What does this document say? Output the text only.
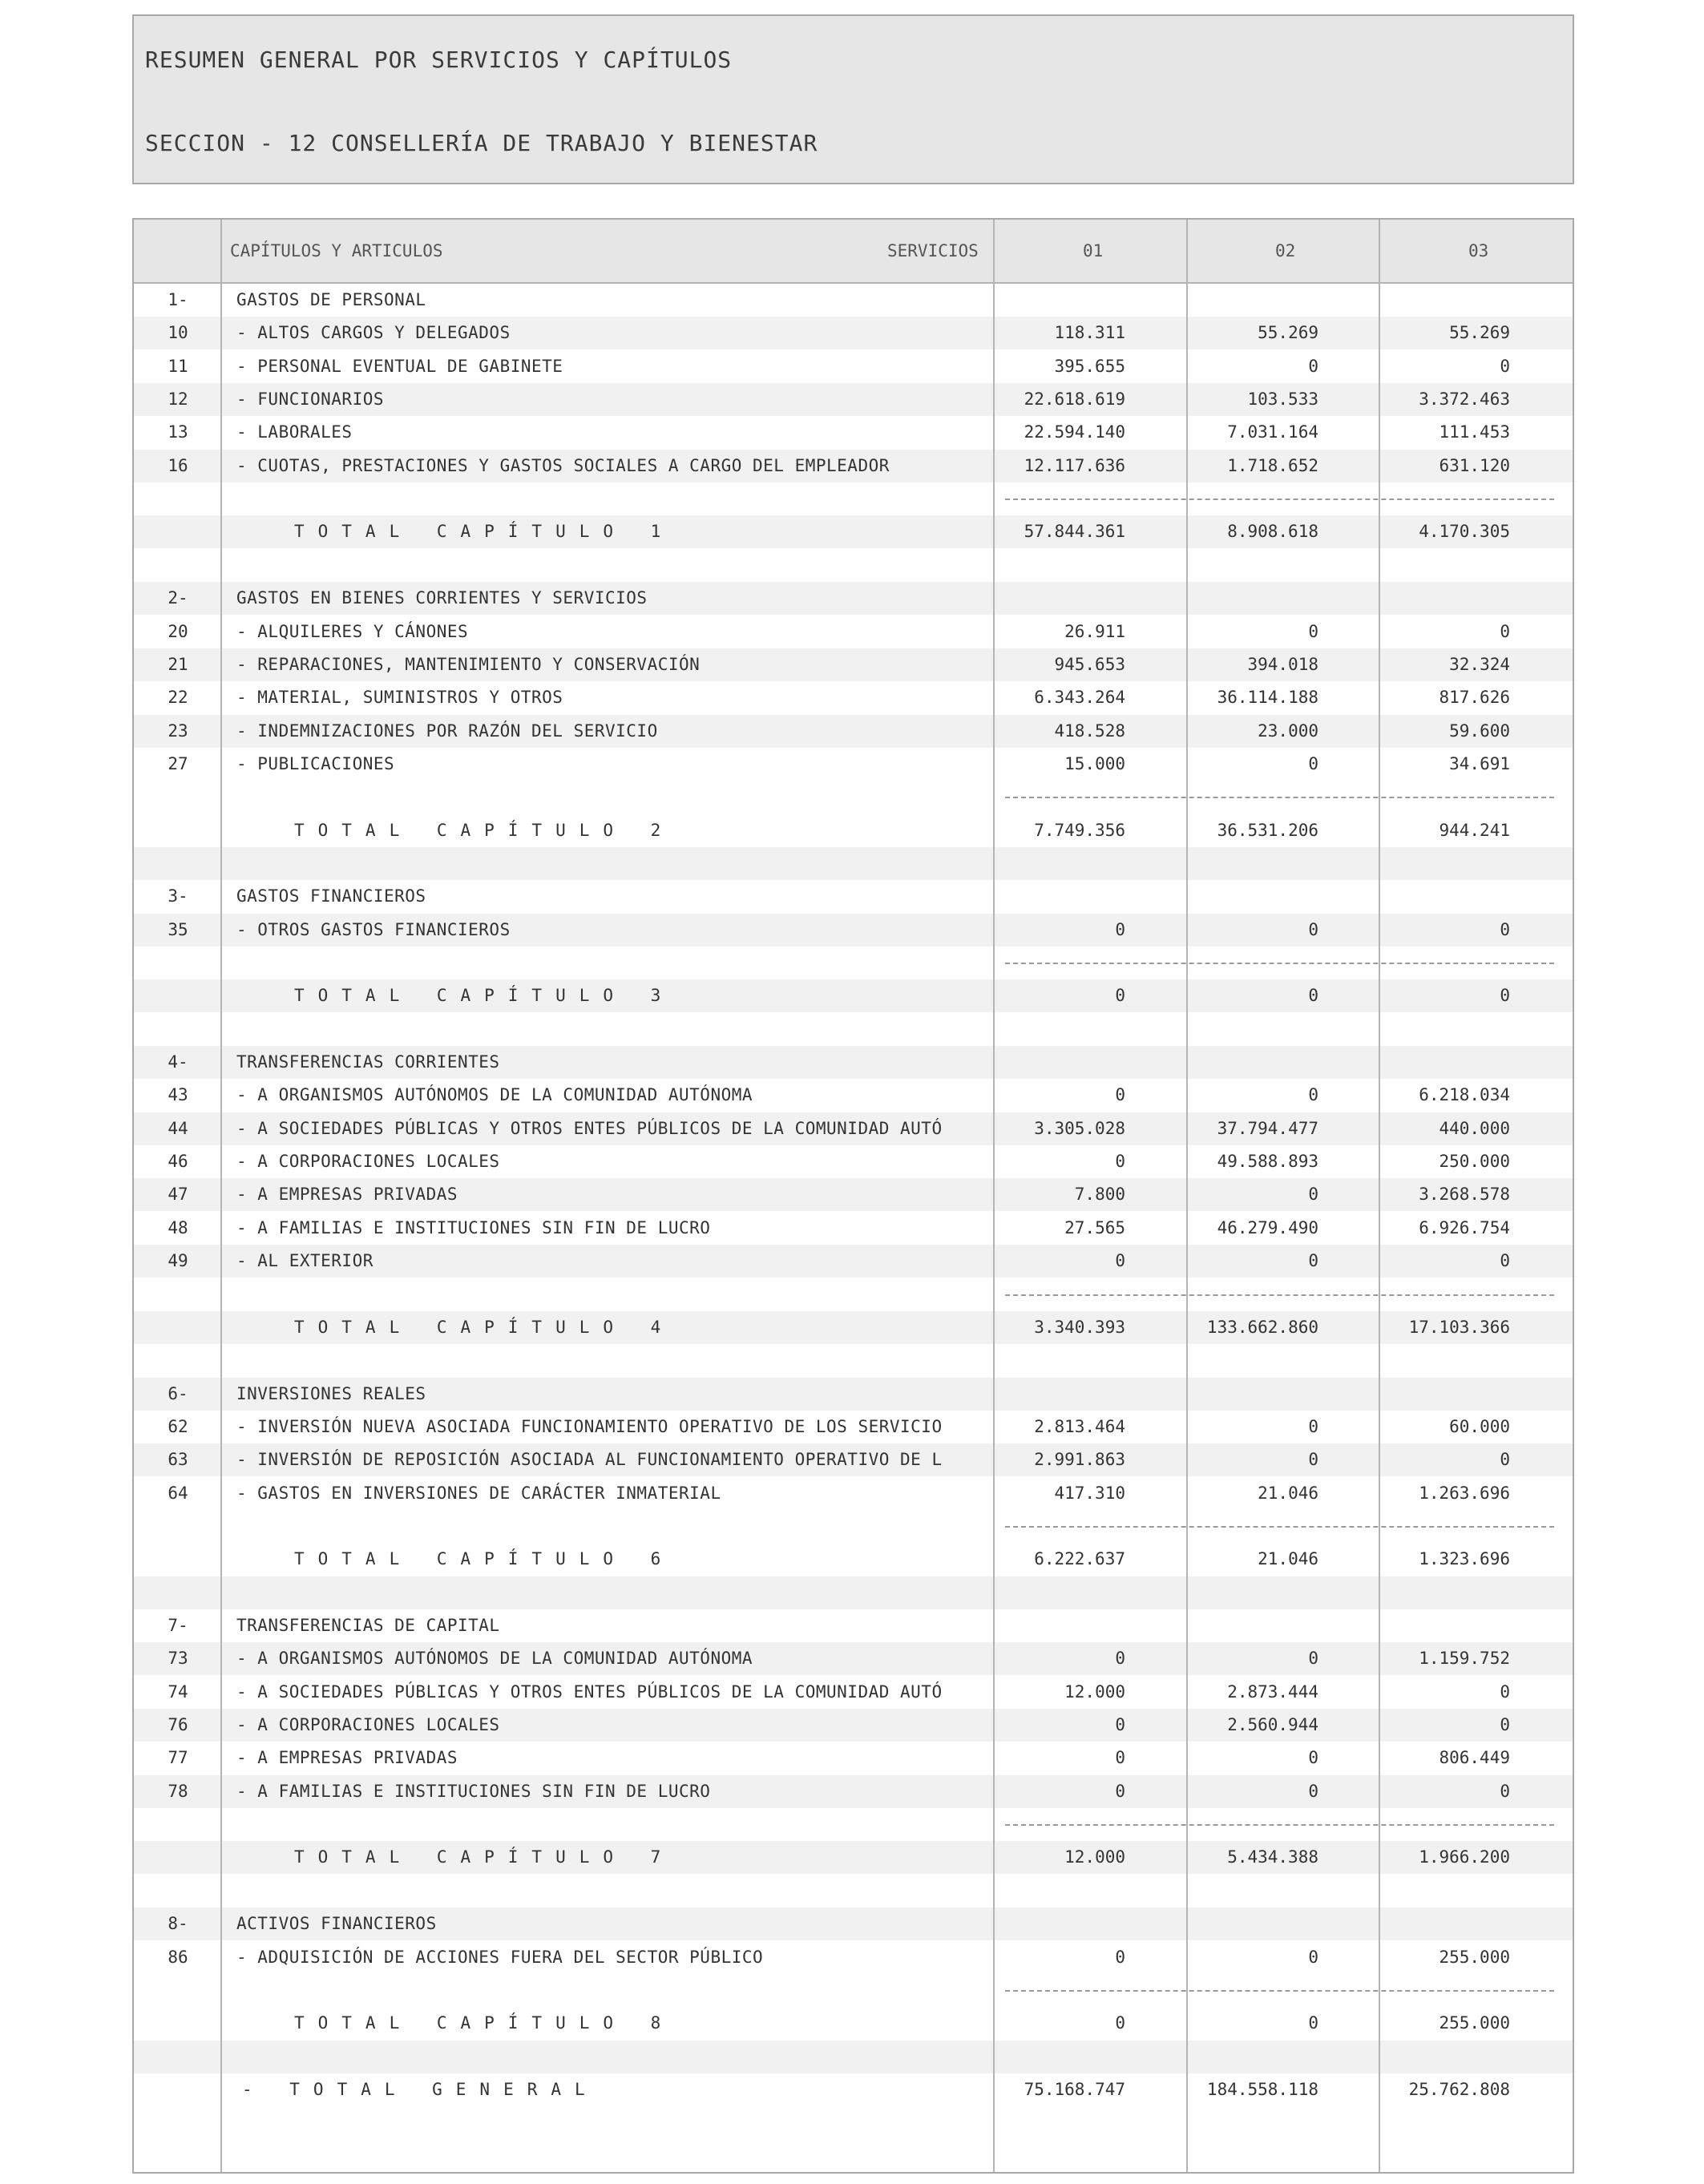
RESUMEN GENERAL POR SERVICIOS Y CAPÍTULOS
SECCION - 12 CONSELLERÍA DE TRABAJO Y BIENESTAR
CAPÍTULOS Y ARTICULOS	SERVICIOS	01	02	03
1-	GASTOS DE PERSONAL
10	- ALTOS CARGOS Y DELEGADOS	118.311	55.269	55.269
11	- PERSONAL EVENTUAL DE GABINETE	395.655	0	0
12	- FUNCIONARIOS	22.618.619	103.533	3.372.463
13	- LABORALES	22.594.140	7.031.164	111.453
16	- CUOTAS, PRESTACIONES Y GASTOS SOCIALES A CARGO DEL EMPLEADOR	12.117.636	1.718.652	631.120
TOTAL CAPÍTULO 1	57.844.361	8.908.618	4.170.305
2-	GASTOS EN BIENES CORRIENTES Y SERVICIOS
20	- ALQUILERES Y CÁNONES	26.911	0	0
21	- REPARACIONES, MANTENIMIENTO Y CONSERVACIÓN	945.653	394.018	32.324
22	- MATERIAL, SUMINISTROS Y OTROS	6.343.264	36.114.188	817.626
23	- INDEMNIZACIONES POR RAZÓN DEL SERVICIO	418.528	23.000	59.600
27	- PUBLICACIONES	15.000	0	34.691
TOTAL CAPÍTULO 2	7.749.356	36.531.206	944.241
3-	GASTOS FINANCIEROS
35	- OTROS GASTOS FINANCIEROS	0	0	0
TOTAL CAPÍTULO 3	0	0	0
4-	TRANSFERENCIAS CORRIENTES
43	- A ORGANISMOS AUTÓNOMOS DE LA COMUNIDAD AUTÓNOMA	0	0	6.218.034
44	- A SOCIEDADES PÚBLICAS Y OTROS ENTES PÚBLICOS DE LA COMUNIDAD AUTÓ	3.305.028	37.794.477	440.000
46	- A CORPORACIONES LOCALES	0	49.588.893	250.000
47	- A EMPRESAS PRIVADAS	7.800	0	3.268.578
48	- A FAMILIAS E INSTITUCIONES SIN FIN DE LUCRO	27.565	46.279.490	6.926.754
49	- AL EXTERIOR	0	0	0
TOTAL CAPÍTULO 4	3.340.393	133.662.860	17.103.366
6-	INVERSIONES REALES
62	- INVERSIÓN NUEVA ASOCIADA FUNCIONAMIENTO OPERATIVO DE LOS SERVICIO	2.813.464	0	60.000
63	- INVERSIÓN DE REPOSICIÓN ASOCIADA AL FUNCIONAMIENTO OPERATIVO DE L	2.991.863	0	0
64	- GASTOS EN INVERSIONES DE CARÁCTER INMATERIAL	417.310	21.046	1.263.696
TOTAL CAPÍTULO 6	6.222.637	21.046	1.323.696
7-	TRANSFERENCIAS DE CAPITAL
73	- A ORGANISMOS AUTÓNOMOS DE LA COMUNIDAD AUTÓNOMA	0	0	1.159.752
74	- A SOCIEDADES PÚBLICAS Y OTROS ENTES PÚBLICOS DE LA COMUNIDAD AUTÓ	12.000	2.873.444	0
76	- A CORPORACIONES LOCALES	0	2.560.944	0
77	- A EMPRESAS PRIVADAS	0	0	806.449
78	- A FAMILIAS E INSTITUCIONES SIN FIN DE LUCRO	0	0	0
TOTAL CAPÍTULO 7	12.000	5.434.388	1.966.200
8-	ACTIVOS FINANCIEROS
86	- ADQUISICIÓN DE ACCIONES FUERA DEL SECTOR PÚBLICO	0	0	255.000
TOTAL CAPÍTULO 8	0	0	255.000
- TOTAL GENERAL	75.168.747	184.558.118	25.762.808
